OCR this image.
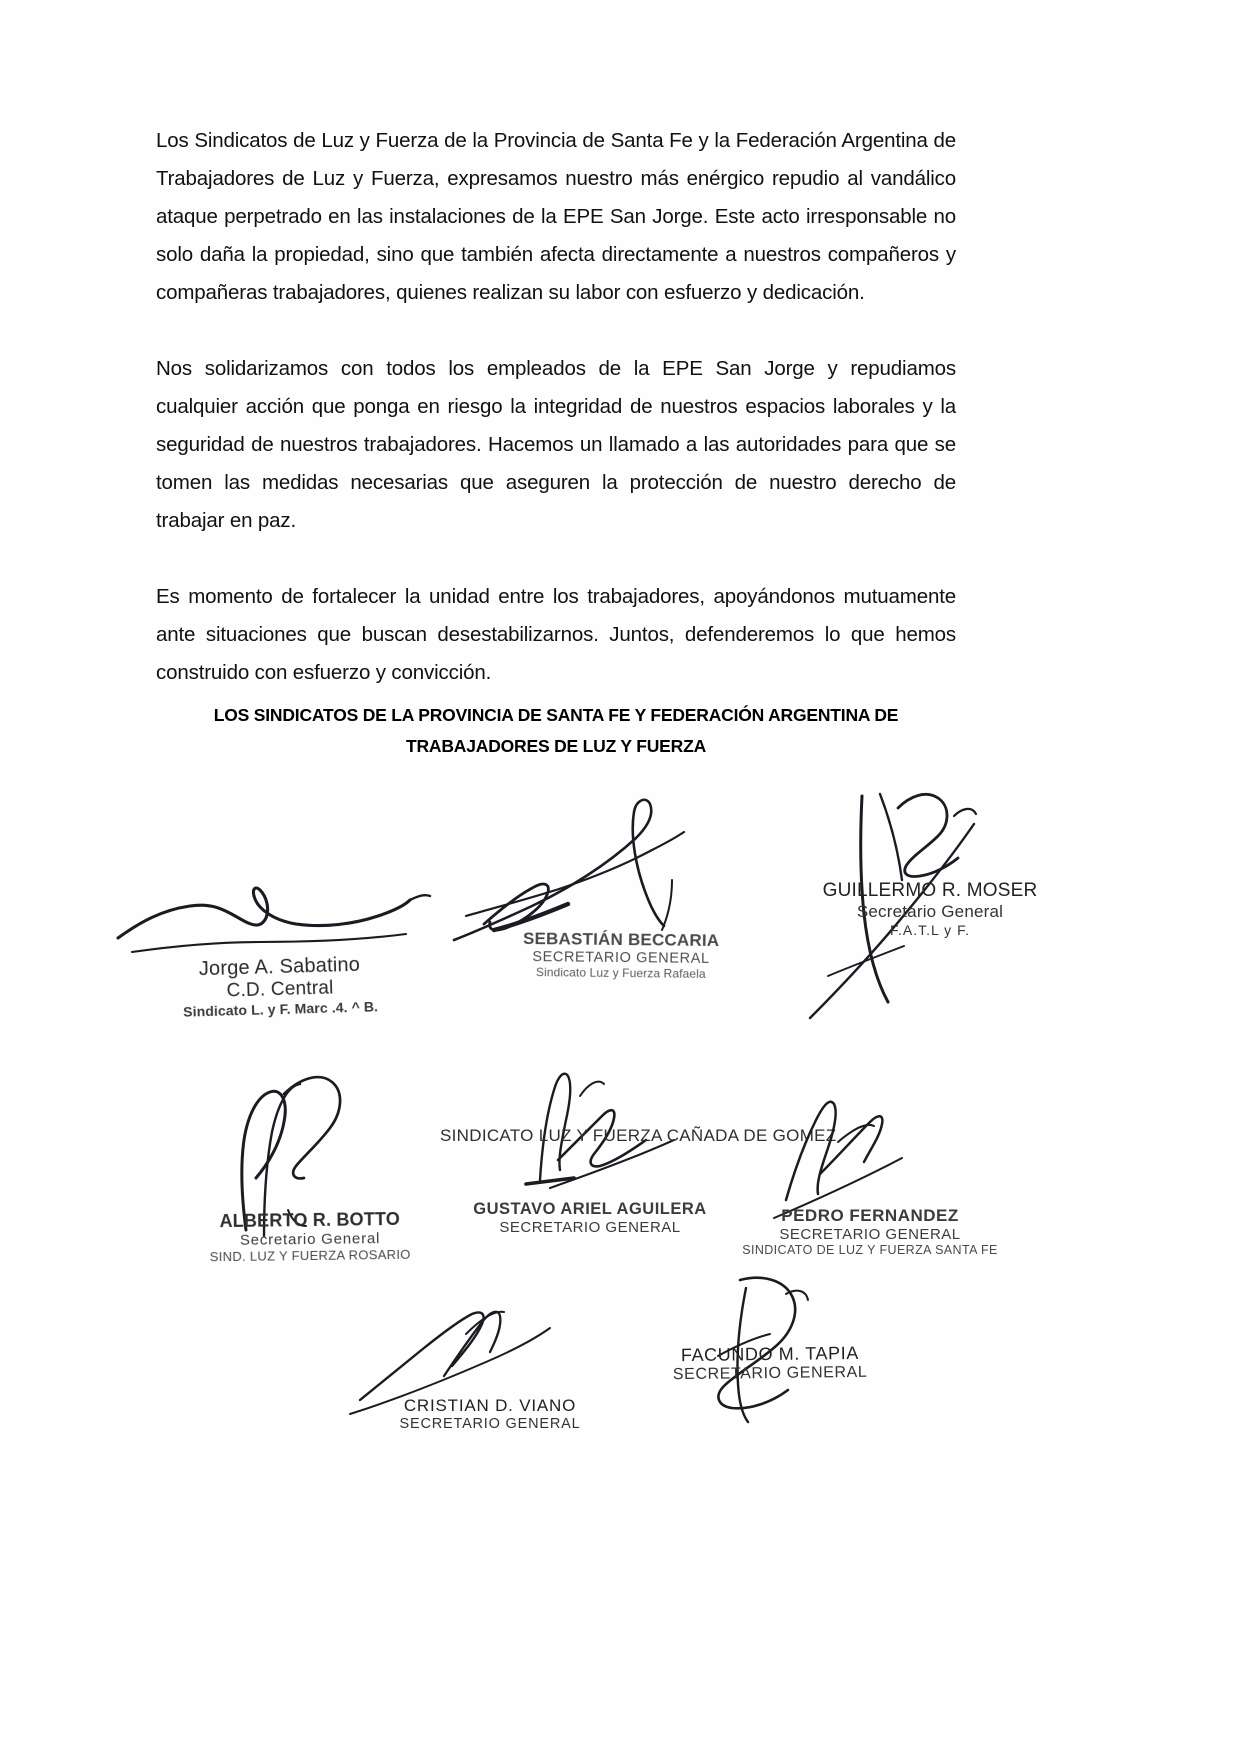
Los Sindicatos de Luz y Fuerza de la Provincia de Santa Fe y la Federación Argentina de Trabajadores de Luz y Fuerza, expresamos nuestro más enérgico repudio al vandálico ataque perpetrado en las instalaciones de la EPE San Jorge. Este acto irresponsable no solo daña la propiedad, sino que también afecta directamente a nuestros compañeros y compañeras trabajadores, quienes realizan su labor con esfuerzo y dedicación.

Nos solidarizamos con todos los empleados de la EPE San Jorge y repudiamos cualquier acción que ponga en riesgo la integridad de nuestros espacios laborales y la seguridad de nuestros trabajadores. Hacemos un llamado a las autoridades para que se tomen las medidas necesarias que aseguren la protección de nuestro derecho de trabajar en paz.

Es momento de fortalecer la unidad entre los trabajadores, apoyándonos mutuamente ante situaciones que buscan desestabilizarnos. Juntos, defenderemos lo que hemos construido con esfuerzo y convicción.

LOS SINDICATOS DE LA PROVINCIA DE SANTA FE Y FEDERACIÓN ARGENTINA DE
TRABAJADORES DE LUZ Y FUERZA
Jorge A. Sabatino
C.D. Central
Sindicato L. y F. Marc .4. ^ B.
SEBASTIÁN BECCARIA
SECRETARIO GENERAL
Sindicato Luz y Fuerza Rafaela
GUILLERMO R. MOSER
Secretario General
F.A.T.L y F.
ALBERTO R. BOTTO
Secretario General
SIND. LUZ Y FUERZA ROSARIO
SINDICATO LUZ Y FUERZA CAÑADA DE GOMEZ
GUSTAVO ARIEL AGUILERA
SECRETARIO GENERAL
PEDRO FERNANDEZ
SECRETARIO GENERAL
SINDICATO DE LUZ Y FUERZA SANTA FE
CRISTIAN D. VIANO
SECRETARIO GENERAL
FACUNDO M. TAPIA
SECRETARIO GENERAL
